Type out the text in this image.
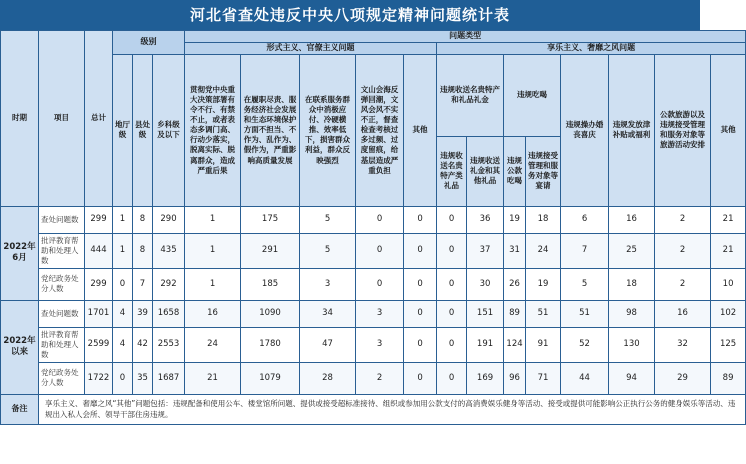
河北省查处违反中央八项规定精神问题统计表
时期	项目	总计	级别			问题类型												
						形式主义、官僚主义问题					享乐主义、奢靡之风问题							
			地厅级	县处级	乡科级及以下	贯彻党中央重大决策部署有令不行、有禁不止，或者表态多调门高、行动少落实，脱离实际、脱离群众，造成严重后果	在履职尽责、服务经济社会发展和生态环境保护方面不担当、不作为、乱作为、假作为，严重影响高质量发展	在联系服务群众中消极应付、冷硬横推、效率低下，损害群众利益，群众反映强烈	文山会海反弹回潮，文风会风不实不正，督查检查考核过多过频、过度留痕，给基层造成严重负担	其他	违规收送名贵特产和礼品礼金		违规吃喝		违规操办婚丧喜庆	违规发放津补贴或福利	公款旅游以及违规接受管理和服务对象等旅游活动安排	其他
											违规收送名贵特产类礼品	违规收送礼金和其他礼品	违规公款吃喝	违规接受管理和服务对象等宴请				
2022年6月	查处问题数	299	1	8	290	1	175	5	0	0	0	36	19	18	6	16	2	21
	批评教育帮助和处理人数	444	1	8	435	1	291	5	0	0	0	37	31	24	7	25	2	21
	党纪政务处分人数	299	0	7	292	1	185	3	0	0	0	30	26	19	5	18	2	10
2022年以来	查处问题数	1701	4	39	1658	16	1090	34	3	0	0	151	89	51	51	98	16	102
	批评教育帮助和处理人数	2599	4	42	2553	24	1780	47	3	0	0	191	124	91	52	130	32	125
	党纪政务处分人数	1722	0	35	1687	21	1079	28	2	0	0	169	96	71	44	94	29	89
备注	享乐主义、奢靡之风“其他”问题包括：违规配备和使用公车、楼堂馆所问题、提供或接受超标准接待、组织或参加用公款支付的高消费娱乐健身等活动、接受或提供可能影响公正执行公务的健身娱乐等活动、违规出入私人会所、领导干部住房违规。																	
